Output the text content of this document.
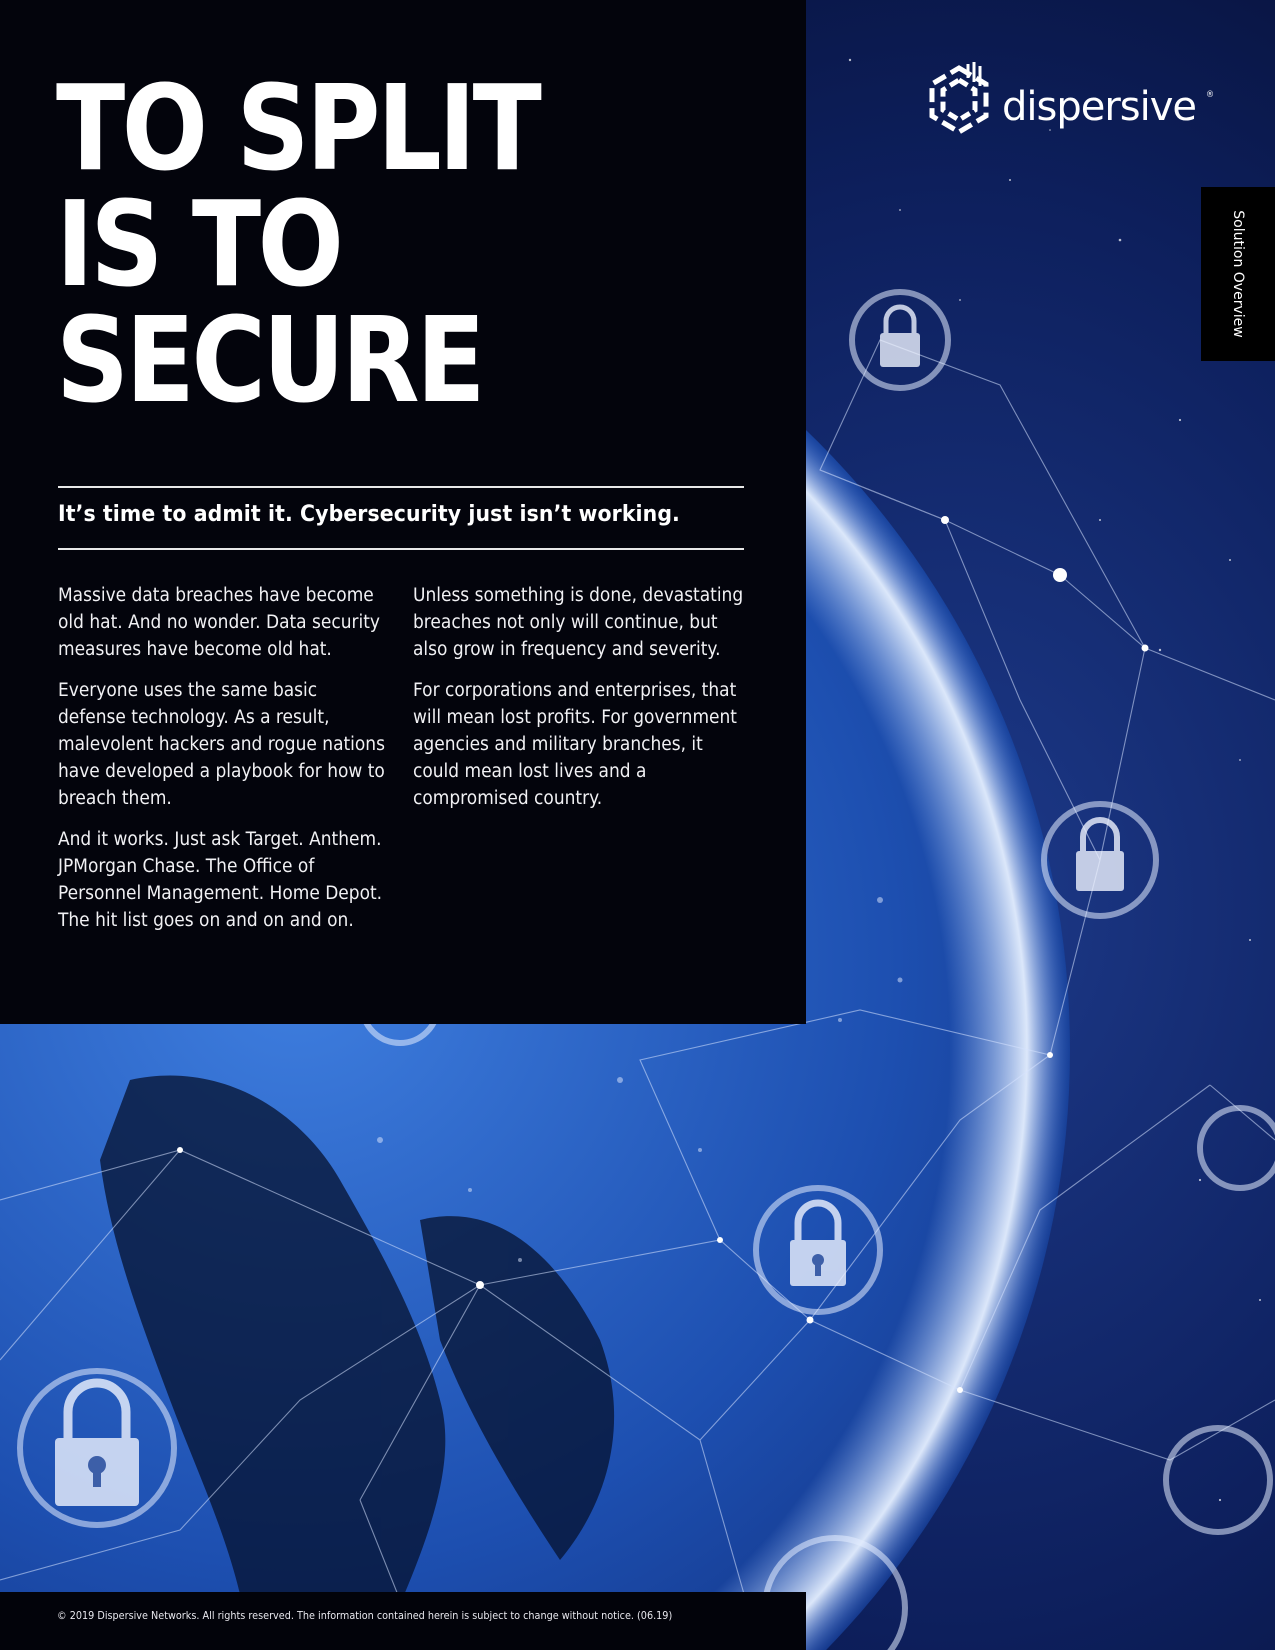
TO SPLIT
IS TO
SECURE
It’s time to admit it. Cybersecurity just isn’t working.

Massive data breaches have become old hat. And no wonder. Data security measures have become old hat.

Everyone uses the same basic defense technology. As a result, malevolent hackers and rogue nations have developed a playbook for how to breach them.

And it works. Just ask Target. Anthem. JPMorgan Chase. The Office of Personnel Management. Home Depot. The hit list goes on and on and on.

Unless something is done, devastating breaches not only will continue, but also grow in frequency and severity.

For corporations and enterprises, that will mean lost profits. For government agencies and military branches, it could mean lost lives and a compromised country.

dispersive ®
Solution Overview
© 2019 Dispersive Networks. All rights reserved. The information contained herein is subject to change without notice. (06.19)
